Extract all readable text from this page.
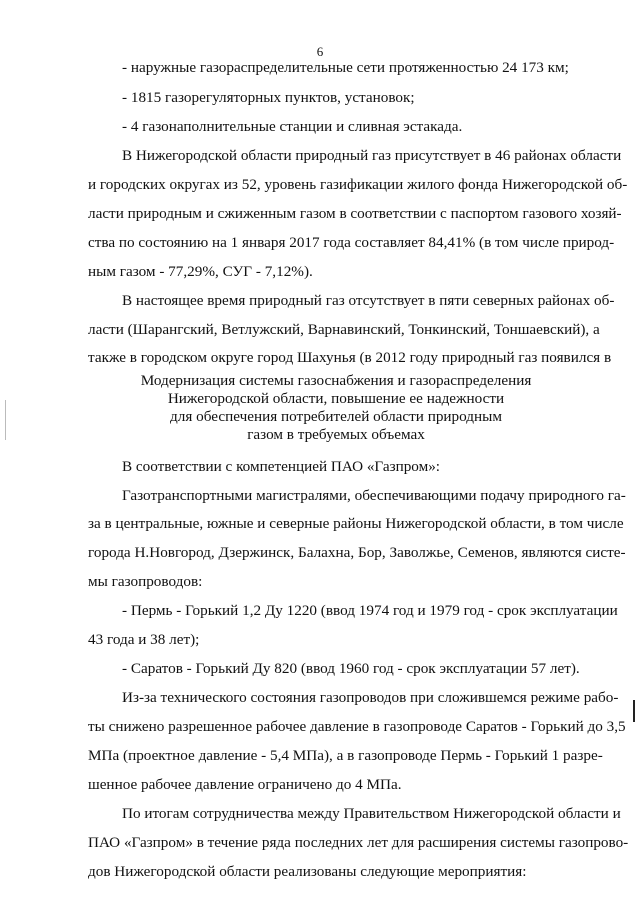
6

- наружные газораспределительные сети протяженностью 24 173 км;

- 1815 газорегуляторных пунктов, установок;

- 4 газонаполнительные станции и сливная эстакада.

В Нижегородской области природный газ присутствует в 46 районах области

и городских округах из 52, уровень газификации жилого фонда Нижегородской об-

ласти природным и сжиженным газом в соответствии с паспортом газового хозяй-

ства по состоянию на 1 января 2017 года составляет 84,41% (в том числе природ-

ным газом - 77,29%, СУГ - 7,12%).

В настоящее время природный газ отсутствует в пяти северных районах об-

ласти (Шарангский, Ветлужский, Варнавинский, Тонкинский, Тоншаевский), а

также в городском округе город Шахунья (в 2012 году природный газ появился в

Модернизация системы газоснабжения и газораспределения
Нижегородской области, повышение ее надежности
для обеспечения потребителей области природным
газом в требуемых объемах

В соответствии с компетенцией ПАО «Газпром»:

Газотранспортными магистралями, обеспечивающими подачу природного га-

за в центральные, южные и северные районы Нижегородской области, в том числе

города Н.Новгород, Дзержинск, Балахна, Бор, Заволжье, Семенов, являются систе-

мы газопроводов:

- Пермь - Горький 1,2 Ду 1220 (ввод 1974 год и 1979 год - срок эксплуатации

43 года и 38 лет);

- Саратов - Горький Ду 820 (ввод 1960 год - срок эксплуатации 57 лет).

Из-за технического состояния газопроводов при сложившемся режиме рабо-

ты снижено разрешенное рабочее давление в газопроводе Саратов - Горький до 3,5

МПа (проектное давление - 5,4 МПа), а в газопроводе Пермь - Горький 1 разре-

шенное рабочее давление ограничено до 4 МПа.

По итогам сотрудничества между Правительством Нижегородской области и

ПАО «Газпром» в течение ряда последних лет для расширения системы газопрово-

дов Нижегородской области реализованы следующие мероприятия:
